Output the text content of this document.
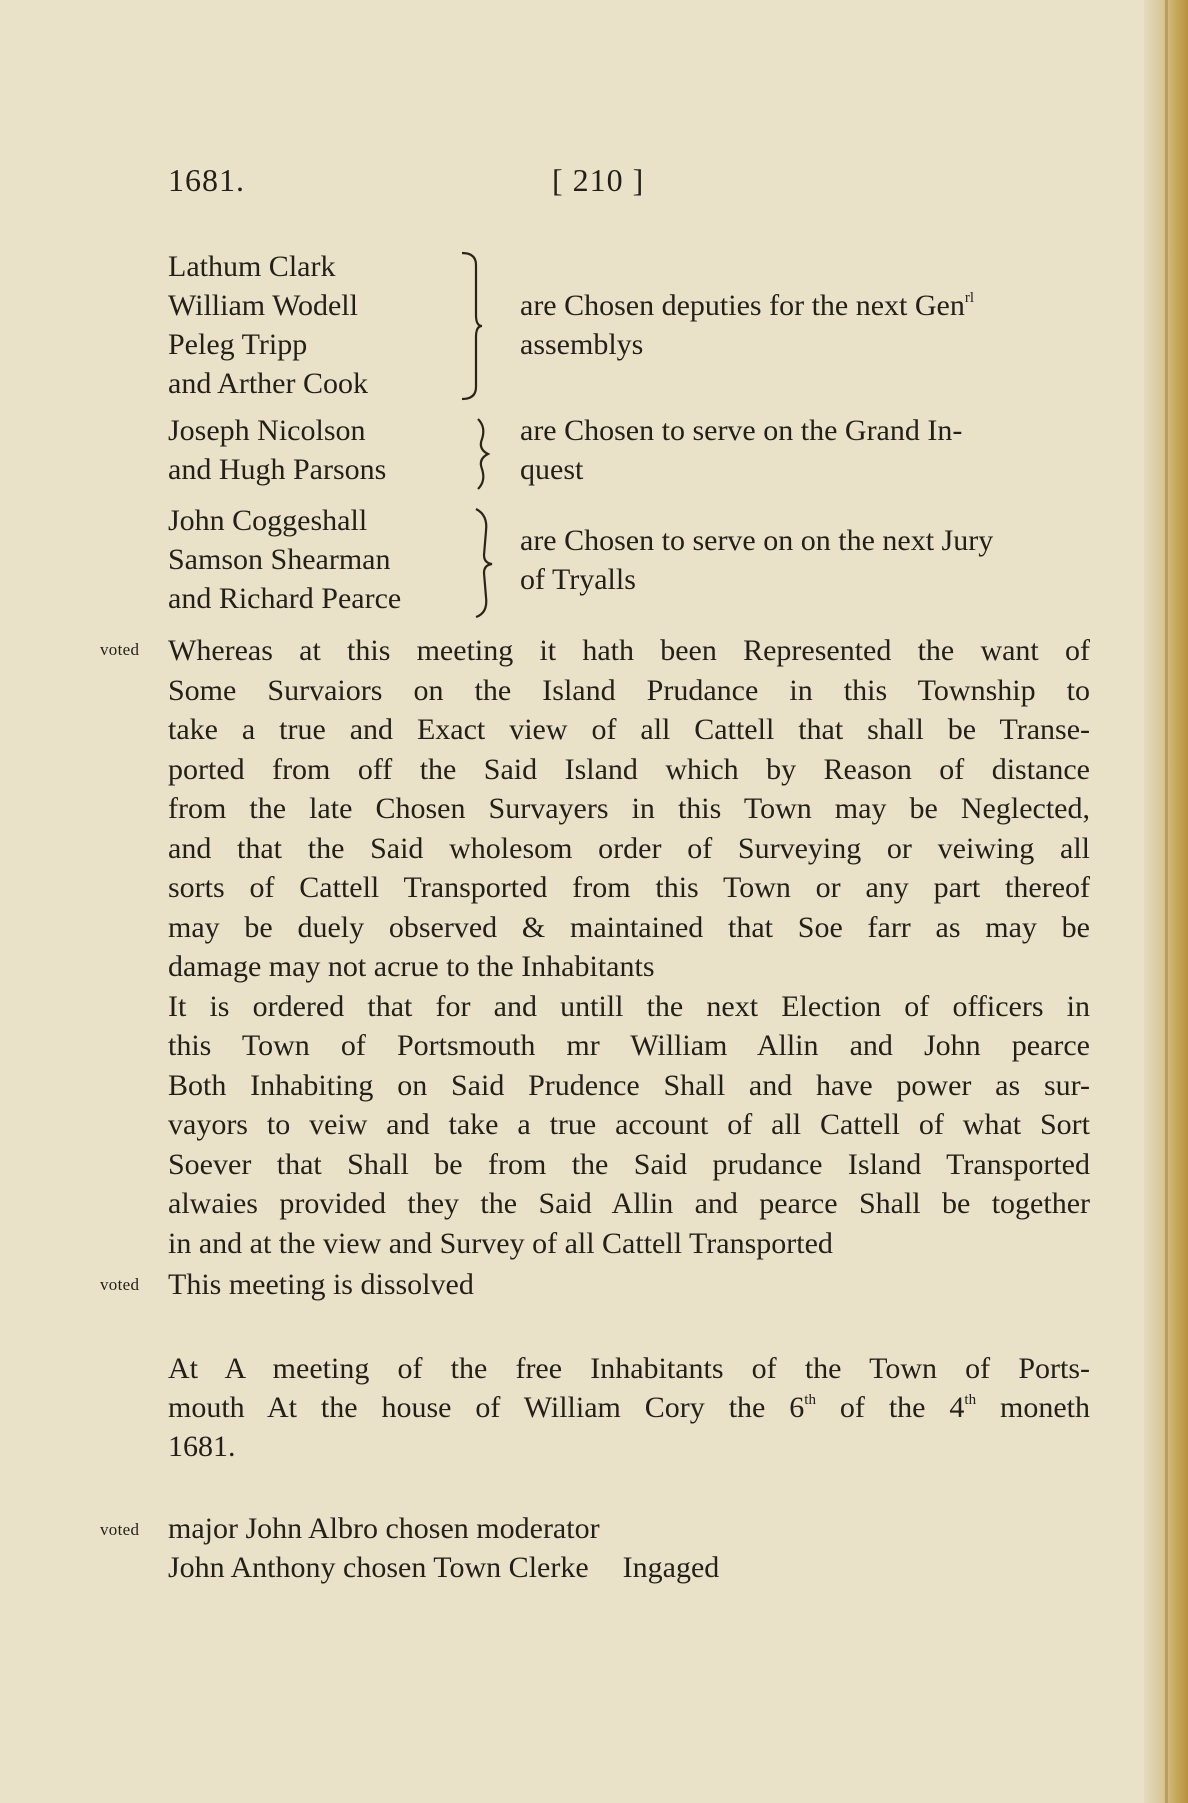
1681.	[ 210 ]
Lathum Clark
William Wodell
Peleg Tripp
and Arther Cook
are Chosen deputies for the next Gen$^{rl}$
assemblys
Joseph Nicolson
and Hugh Parsons
are Chosen to serve on the Grand In-
quest
John Coggeshall
Samson Shearman
and Richard Pearce
are Chosen to serve on on the next Jury
of Tryalls
voted
voted
voted
Whereas at this meeting it hath been Represented the want of
Some Survaiors on the Island Prudance in this Township to
take a true and Exact view of all Cattell that shall be Transe-
ported from off the Said Island which by Reason of distance
from the late Chosen Survayers in this Town may be Neglected,
and that the Said wholesom order of Surveying or veiwing all
sorts of Cattell Transported from this Town or any part thereof
may be duely observed & maintained that Soe farr as may be
damage may not acrue to the Inhabitants
It is ordered that for and untill the next Election of officers in
this Town of Portsmouth mr William Allin and John pearce
Both Inhabiting on Said Prudence Shall and have power as sur-
vayors to veiw and take a true account of all Cattell of what Sort
Soever that Shall be from the Said prudance Island Transported
alwaies provided they the Said Allin and pearce Shall be together
in and at the view and Survey of all Cattell Transported
This meeting is dissolved
At A meeting of the free Inhabitants of the Town of Ports-
mouth At the house of William Cory the 6th of the 4th moneth
1681.
major John Albro chosen moderator
John Anthony chosen Town Clerke Ingaged
